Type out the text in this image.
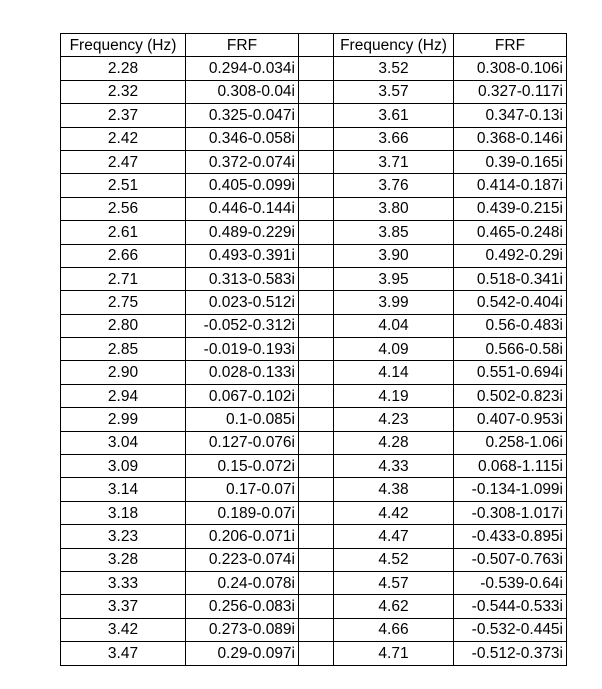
Frequency (Hz)	FRF		Frequency (Hz)	FRF
2.28	0.294-0.034i		3.52	0.308-0.106i
2.32	0.308-0.04i		3.57	0.327-0.117i
2.37	0.325-0.047i		3.61	0.347-0.13i
2.42	0.346-0.058i		3.66	0.368-0.146i
2.47	0.372-0.074i		3.71	0.39-0.165i
2.51	0.405-0.099i		3.76	0.414-0.187i
2.56	0.446-0.144i		3.80	0.439-0.215i
2.61	0.489-0.229i		3.85	0.465-0.248i
2.66	0.493-0.391i		3.90	0.492-0.29i
2.71	0.313-0.583i		3.95	0.518-0.341i
2.75	0.023-0.512i		3.99	0.542-0.404i
2.80	-0.052-0.312i		4.04	0.56-0.483i
2.85	-0.019-0.193i		4.09	0.566-0.58i
2.90	0.028-0.133i		4.14	0.551-0.694i
2.94	0.067-0.102i		4.19	0.502-0.823i
2.99	0.1-0.085i		4.23	0.407-0.953i
3.04	0.127-0.076i		4.28	0.258-1.06i
3.09	0.15-0.072i		4.33	0.068-1.115i
3.14	0.17-0.07i		4.38	-0.134-1.099i
3.18	0.189-0.07i		4.42	-0.308-1.017i
3.23	0.206-0.071i		4.47	-0.433-0.895i
3.28	0.223-0.074i		4.52	-0.507-0.763i
3.33	0.24-0.078i		4.57	-0.539-0.64i
3.37	0.256-0.083i		4.62	-0.544-0.533i
3.42	0.273-0.089i		4.66	-0.532-0.445i
3.47	0.29-0.097i		4.71	-0.512-0.373i
